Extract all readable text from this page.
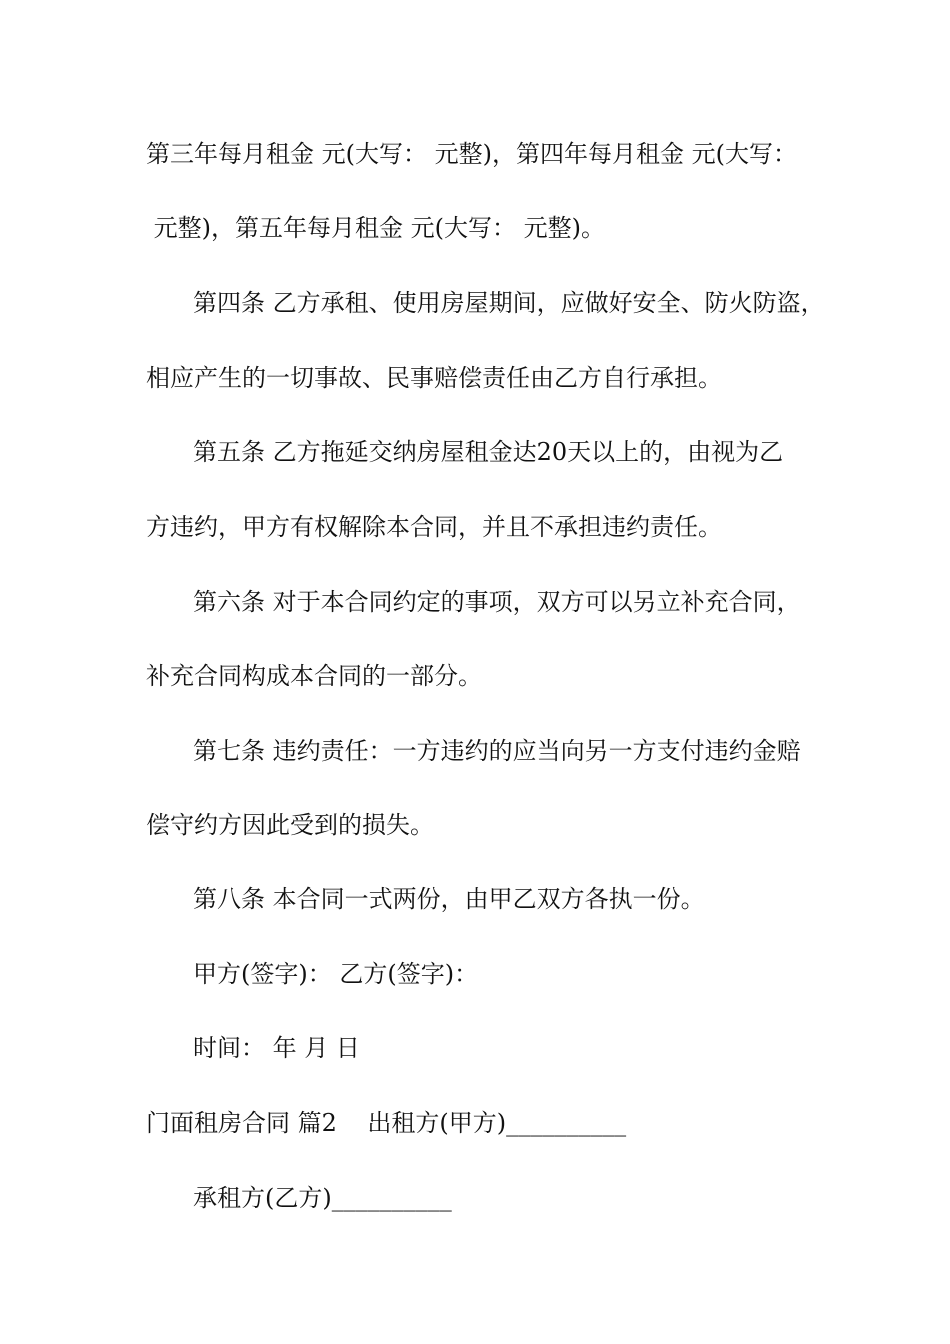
第三年每月租金 元(大写： 元整)，第四年每月租金 元(大写：
元整)，第五年每月租金 元(大写： 元整)。
第四条 乙方承租、使用房屋期间，应做好安全、防火防盗，
相应产生的一切事故、民事赔偿责任由乙方自行承担。
第五条 乙方拖延交纳房屋租金达20天以上的，由视为乙
方违约，甲方有权解除本合同，并且不承担违约责任。
第六条 对于本合同约定的事项，双方可以另立补充合同，
补充合同构成本合同的一部分。
第七条 违约责任：一方违约的应当向另一方支付违约金赔
偿守约方因此受到的损失。
第八条 本合同一式两份，由甲乙双方各执一份。
甲方(签字)： 乙方(签字)：
时间： 年 月 日
门面租房合同 篇2    出租方(甲方)__________
承租方(乙方)__________
